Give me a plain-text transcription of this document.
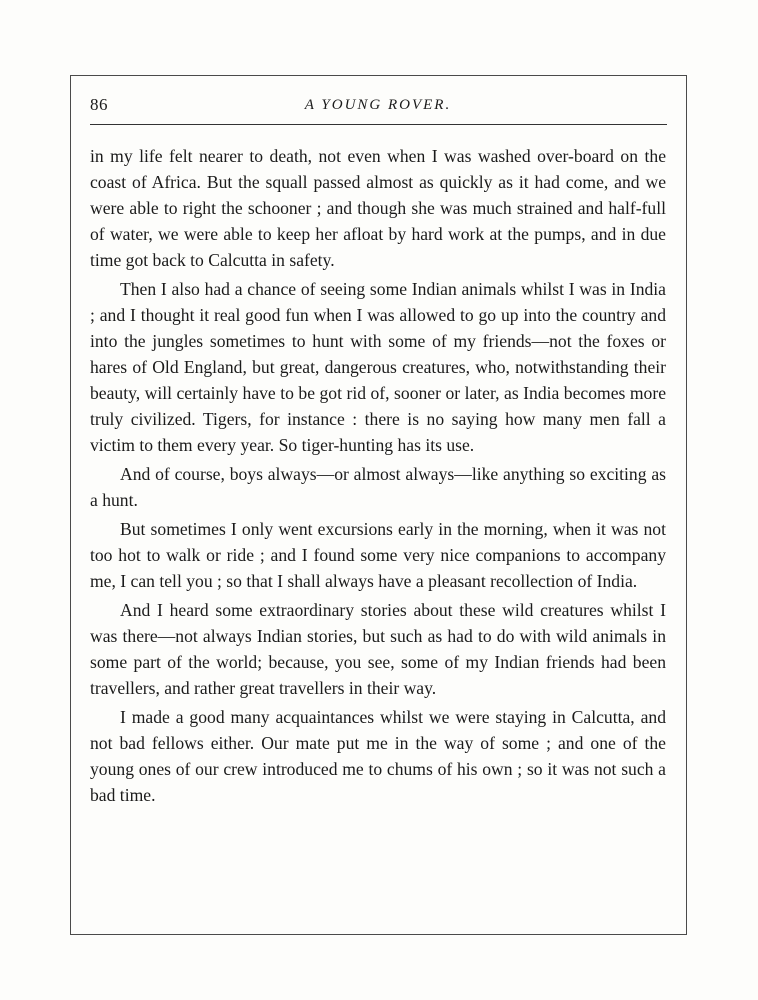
86	A YOUNG ROVER.

in my life felt nearer to death, not even when I was washed over-board on the coast of Africa. But the squall passed almost as quickly as it had come, and we were able to right the schooner ; and though she was much strained and half-full of water, we were able to keep her afloat by hard work at the pumps, and in due time got back to Calcutta in safety.

Then I also had a chance of seeing some Indian animals whilst I was in India ; and I thought it real good fun when I was allowed to go up into the country and into the jungles sometimes to hunt with some of my friends—not the foxes or hares of Old England, but great, dangerous creatures, who, notwithstanding their beauty, will certainly have to be got rid of, sooner or later, as India becomes more truly civilized. Tigers, for instance : there is no saying how many men fall a victim to them every year. So tiger-hunting has its use.

And of course, boys always—or almost always—like anything so exciting as a hunt.

But sometimes I only went excursions early in the morning, when it was not too hot to walk or ride ; and I found some very nice companions to accompany me, I can tell you ; so that I shall always have a pleasant recollection of India.

And I heard some extraordinary stories about these wild creatures whilst I was there—not always Indian stories, but such as had to do with wild animals in some part of the world; because, you see, some of my Indian friends had been travellers, and rather great travellers in their way.

I made a good many acquaintances whilst we were staying in Calcutta, and not bad fellows either. Our mate put me in the way of some ; and one of the young ones of our crew introduced me to chums of his own ; so it was not such a bad time.
